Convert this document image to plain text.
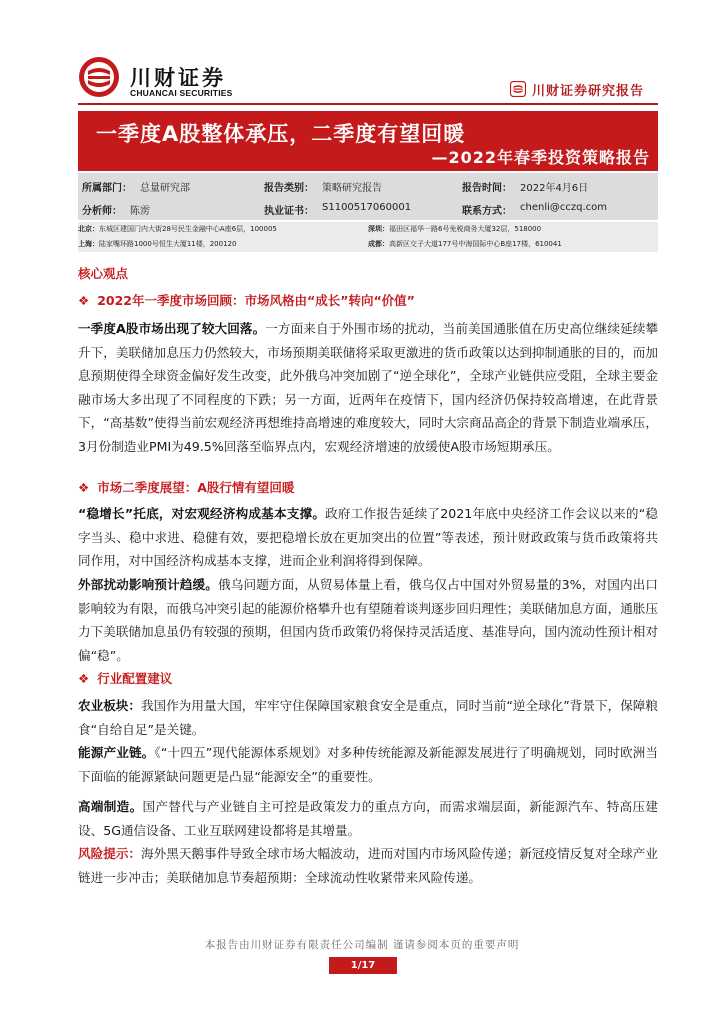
川财证券
CHUANCAI SECURITIES	川财证券研究报告
一季度A股整体承压，二季度有望回暖
—2022年春季投资策略报告
所属部门： 总量研究部	报告类别： 策略研究报告	报告时间： 2022年4月6日
分析师： 陈雳	执业证书： S1100517060001	联系方式： chenli@cczq.com
北京：东城区建国门内大街28号民生金融中心A座6层，100005	深圳：福田区福华一路6号免税商务大厦32层，518000
上海：陆家嘴环路1000号恒生大厦11楼，200120	成都：高新区交子大道177号中海国际中心B座17楼，610041
核心观点
❖ 2022年一季度市场回顾：市场风格由“成长”转向“价值”
一季度A股市场出现了较大回落。一方面来自于外围市场的扰动，当前美国通胀值在历史高位继续延续攀升下，美联储加息压力仍然较大，市场预期美联储将采取更激进的货币政策以达到抑制通胀的目的，而加息预期使得全球资金偏好发生改变，此外俄乌冲突加剧了“逆全球化”，全球产业链供应受阻，全球主要金融市场大多出现了不同程度的下跌；另一方面，近两年在疫情下，国内经济仍保持较高增速，在此背景下，“高基数”使得当前宏观经济再想维持高增速的难度较大，同时大宗商品高企的背景下制造业端承压，3月份制造业PMI为49.5%回落至临界点内，宏观经济增速的放缓使A股市场短期承压。
❖ 市场二季度展望：A股行情有望回暖
“稳增长”托底，对宏观经济构成基本支撑。政府工作报告延续了2021年底中央经济工作会议以来的“稳字当头、稳中求进、稳健有效，要把稳增长放在更加突出的位置”等表述，预计财政政策与货币政策将共同作用，对中国经济构成基本支撑，进而企业利润将得到保障。
外部扰动影响预计趋缓。俄乌问题方面，从贸易体量上看，俄乌仅占中国对外贸易量的3%，对国内出口影响较为有限，而俄乌冲突引起的能源价格攀升也有望随着谈判逐步回归理性；美联储加息方面，通胀压力下美联储加息虽仍有较强的预期，但国内货币政策仍将保持灵活适度、基准导向，国内流动性预计相对偏“稳”。
❖ 行业配置建议
农业板块：我国作为用量大国，牢牢守住保障国家粮食安全是重点，同时当前“逆全球化”背景下，保障粮食“自给自足”是关键。
能源产业链。《“十四五”现代能源体系规划》对多种传统能源及新能源发展进行了明确规划，同时欧洲当下面临的能源紧缺问题更是凸显“能源安全”的重要性。
高端制造。国产替代与产业链自主可控是政策发力的重点方向，而需求端层面，新能源汽车、特高压建设、5G通信设备、工业互联网建设都将是其增量。
风险提示：海外黑天鹅事件导致全球市场大幅波动，进而对国内市场风险传递；新冠疫情反复对全球产业链进一步冲击；美联储加息节奏超预期：全球流动性收紧带来风险传递。
本报告由川财证券有限责任公司编制 谨请参阅本页的重要声明
1/17
